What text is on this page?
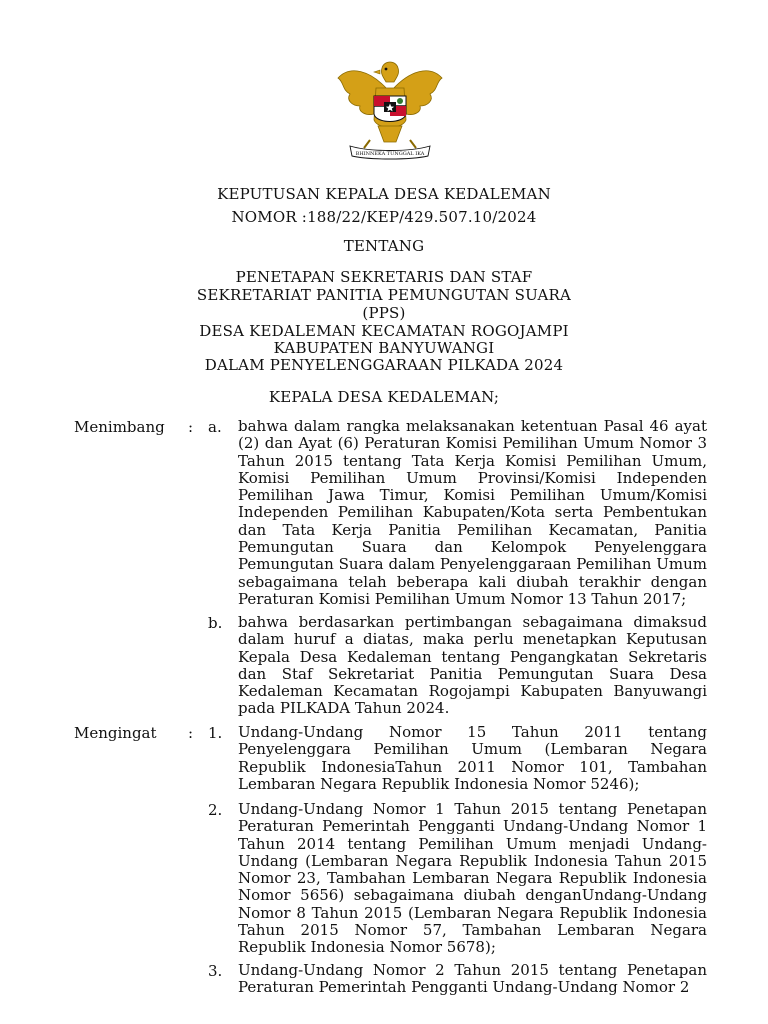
BHINNEKA TUNGGAL IKA
KEPUTUSAN KEPALA DESA KEDALEMAN
NOMOR :188/22/KEP/429.507.10/2024
TENTANG
PENETAPAN SEKRETARIS DAN STAF
SEKRETARIAT PANITIA PEMUNGUTAN SUARA
(PPS)
DESA KEDALEMAN KECAMATAN ROGOJAMPI
KABUPATEN BANYUWANGI
DALAM PENYELENGGARAAN PILKADA 2024
KEPALA DESA KEDALEMAN;
Menimbang : a. bahwa dalam rangka melaksanakan ketentuan Pasal 46 ayat (2) dan Ayat (6) Peraturan Komisi Pemilihan Umum Nomor 3 Tahun 2015 tentang Tata Kerja Komisi Pemilihan Umum, Komisi Pemilihan Umum Provinsi/Komisi Independen Pemilihan Jawa Timur, Komisi Pemilihan Umum/Komisi Independen Pemilihan Kabupaten/Kota serta Pembentukan dan Tata Kerja Panitia Pemilihan Kecamatan, Panitia Pemungutan Suara dan Kelompok Penyelenggara Pemungutan Suara dalam Penyelenggaraan Pemilihan Umum sebagaimana telah beberapa kali diubah terakhir dengan Peraturan Komisi Pemilihan Umum Nomor 13 Tahun 2017;
b. bahwa berdasarkan pertimbangan sebagaimana dimaksud dalam huruf a diatas, maka perlu menetapkan Keputusan Kepala Desa Kedaleman tentang Pengangkatan Sekretaris dan Staf Sekretariat Panitia Pemungutan Suara Desa Kedaleman Kecamatan Rogojampi Kabupaten Banyuwangi pada PILKADA Tahun 2024.
Mengingat : 1. Undang-Undang Nomor 15 Tahun 2011 tentang Penyelenggara Pemilihan Umum (Lembaran Negara Republik IndonesiaTahun 2011 Nomor 101, Tambahan Lembaran Negara Republik Indonesia Nomor 5246);
2. Undang-Undang Nomor 1 Tahun 2015 tentang Penetapan Peraturan Pemerintah Pengganti Undang-Undang Nomor 1 Tahun 2014 tentang Pemilihan Umum menjadi Undang-Undang (Lembaran Negara Republik Indonesia Tahun 2015 Nomor 23, Tambahan Lembaran Negara Republik Indonesia Nomor 5656) sebagaimana diubah denganUndang-Undang Nomor 8 Tahun 2015 (Lembaran Negara Republik Indonesia Tahun 2015 Nomor 57, Tambahan Lembaran Negara Republik Indonesia Nomor 5678);
3. Undang-Undang Nomor 2 Tahun 2015 tentang Penetapan Peraturan Pemerintah Pengganti Undang-Undang Nomor 2
